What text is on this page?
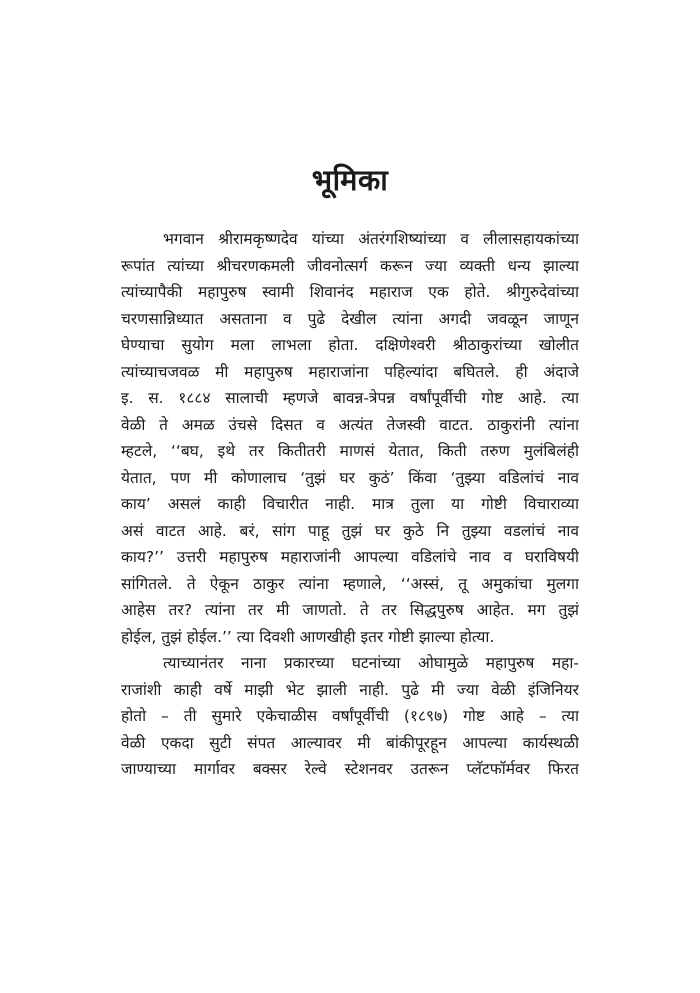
भूमिका
भगवान श्रीरामकृष्णदेव यांच्या अंतरंगशिष्यांच्या व लीलासहायकांच्या
रूपांत त्यांच्या श्रीचरणकमली जीवनोत्सर्ग करून ज्या व्यक्ती धन्य झाल्या
त्यांच्यापैकी महापुरुष स्वामी शिवानंद महाराज एक होते. श्रीगुरुदेवांच्या
चरणसान्निध्यात असताना व पुढे देखील त्यांना अगदी जवळून जाणून
घेण्याचा सुयोग मला लाभला होता. दक्षिणेश्वरी श्रीठाकुरांच्या खोलीत
त्यांच्याचजवळ मी महापुरुष महाराजांना पहिल्यांदा बघितले. ही अंदाजे
इ. स. १८८४ सालाची म्हणजे बावन्न-त्रेपन्न वर्षांपूर्वीची गोष्ट आहे. त्या
वेळी ते अमळ उंचसे दिसत व अत्यंत तेजस्वी वाटत. ठाकुरांनी त्यांना
म्हटले, ‘‘बघ, इथे तर कितीतरी माणसं येतात, किती तरुण मुलंबिलंही
येतात, पण मी कोणालाच ‘तुझं घर कुठं’ किंवा ‘तुझ्या वडिलांचं नाव
काय’ असलं काही विचारीत नाही. मात्र तुला या गोष्टी विचाराव्या
असं वाटत आहे. बरं, सांग पाहू तुझं घर कुठे नि तुझ्या वडलांचं नाव
काय?’’ उत्तरी महापुरुष महाराजांनी आपल्या वडिलांचे नाव व घराविषयी
सांगितले. ते ऐकून ठाकुर त्यांना म्हणाले, ‘‘अस्सं, तू अमुकांचा मुलगा
आहेस तर? त्यांना तर मी जाणतो. ते तर सिद्धपुरुष आहेत. मग तुझं
होईल, तुझं होईल.’’ त्या दिवशी आणखीही इतर गोष्टी झाल्या होत्या.
त्याच्यानंतर नाना प्रकारच्या घटनांच्या ओघामुळे महापुरुष महा-
राजांशी काही वर्षे माझी भेट झाली नाही. पुढे मी ज्या वेळी इंजिनियर
होतो – ती सुमारे एकेचाळीस वर्षांपूर्वीची (१८९७) गोष्ट आहे – त्या
वेळी एकदा सुटी संपत आल्यावर मी बांकीपूरहून आपल्या कार्यस्थळी
जाण्याच्या मार्गावर बक्सर रेल्वे स्टेशनवर उतरून प्लॅटफॉर्मवर फिरत
